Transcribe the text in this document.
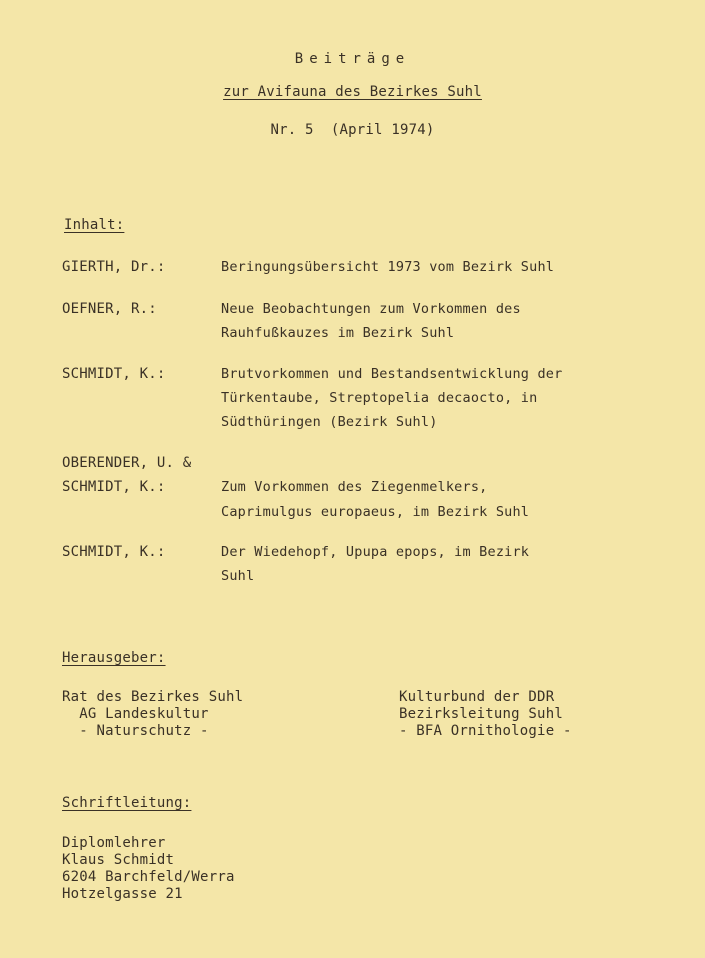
Beiträge
zur Avifauna des Bezirkes Suhl
Nr. 5  (April 1974)
Inhalt:
GIERTH, Dr.:	Beringungsübersicht 1973 vom Bezirk Suhl
OEFNER, R.:	Neue Beobachtungen zum Vorkommen des
Rauhfußkauzes im Bezirk Suhl
SCHMIDT, K.:	Brutvorkommen und Bestandsentwicklung der
Türkentaube, Streptopelia decaocto, in
Südthüringen (Bezirk Suhl)
OBERENDER, U. &
SCHMIDT, K.:	Zum Vorkommen des Ziegenmelkers,
Caprimulgus europaeus, im Bezirk Suhl
SCHMIDT, K.:	Der Wiedehopf, Upupa epops, im Bezirk
Suhl
Herausgeber:
Rat des Bezirkes Suhl
AG Landeskultur
- Naturschutz -
Kulturbund der DDR
Bezirksleitung Suhl
- BFA Ornithologie -
Schriftleitung:
Diplomlehrer
Klaus Schmidt
6204 Barchfeld/Werra
Hotzelgasse 21
